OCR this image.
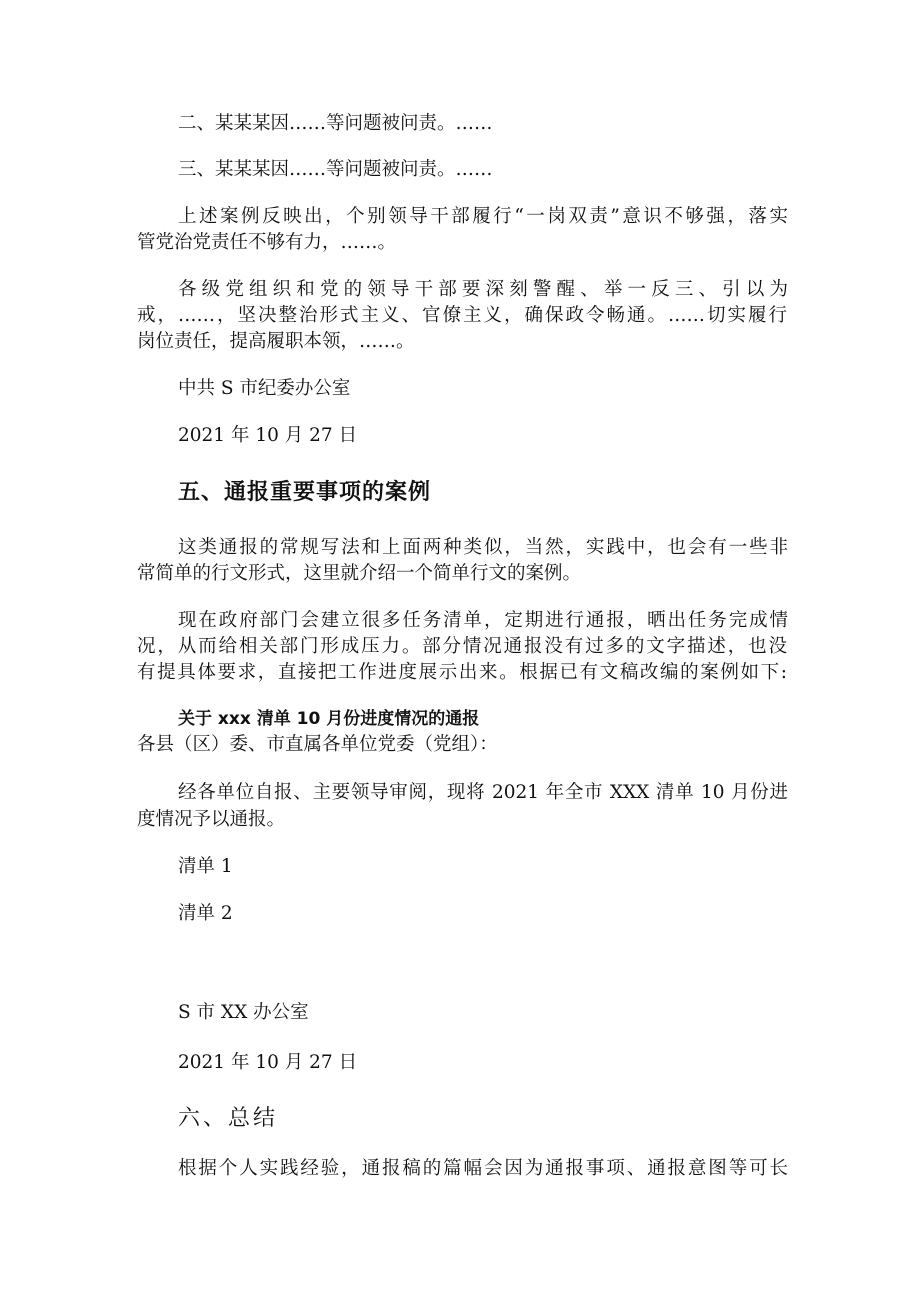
二、某某某因……等问题被问责。……
三、某某某因……等问题被问责。……
上述案例反映出，个别领导干部履行“一岗双责”意识不够强，落实
管党治党责任不够有力，……。
各级党组织和党的领导干部要深刻警醒、举一反三、引以为
戒，……，坚决整治形式主义、官僚主义，确保政令畅通。……切实履行
岗位责任，提高履职本领，……。
中共 S 市纪委办公室
2021 年 10 月 27 日
五、通报重要事项的案例
这类通报的常规写法和上面两种类似，当然，实践中，也会有一些非
常简单的行文形式，这里就介绍一个简单行文的案例。
现在政府部门会建立很多任务清单，定期进行通报，晒出任务完成情
况，从而给相关部门形成压力。部分情况通报没有过多的文字描述，也没
有提具体要求，直接把工作进度展示出来。根据已有文稿改编的案例如下:
关于 xxx 清单 10 月份进度情况的通报
各县（区）委、市直属各单位党委（党组）：
经各单位自报、主要领导审阅，现将 2021 年全市 XXX 清单 10 月份进
度情况予以通报。
清单 1
清单 2
S 市 XX 办公室
2021 年 10 月 27 日
六、总结
根据个人实践经验，通报稿的篇幅会因为通报事项、通报意图等可长
